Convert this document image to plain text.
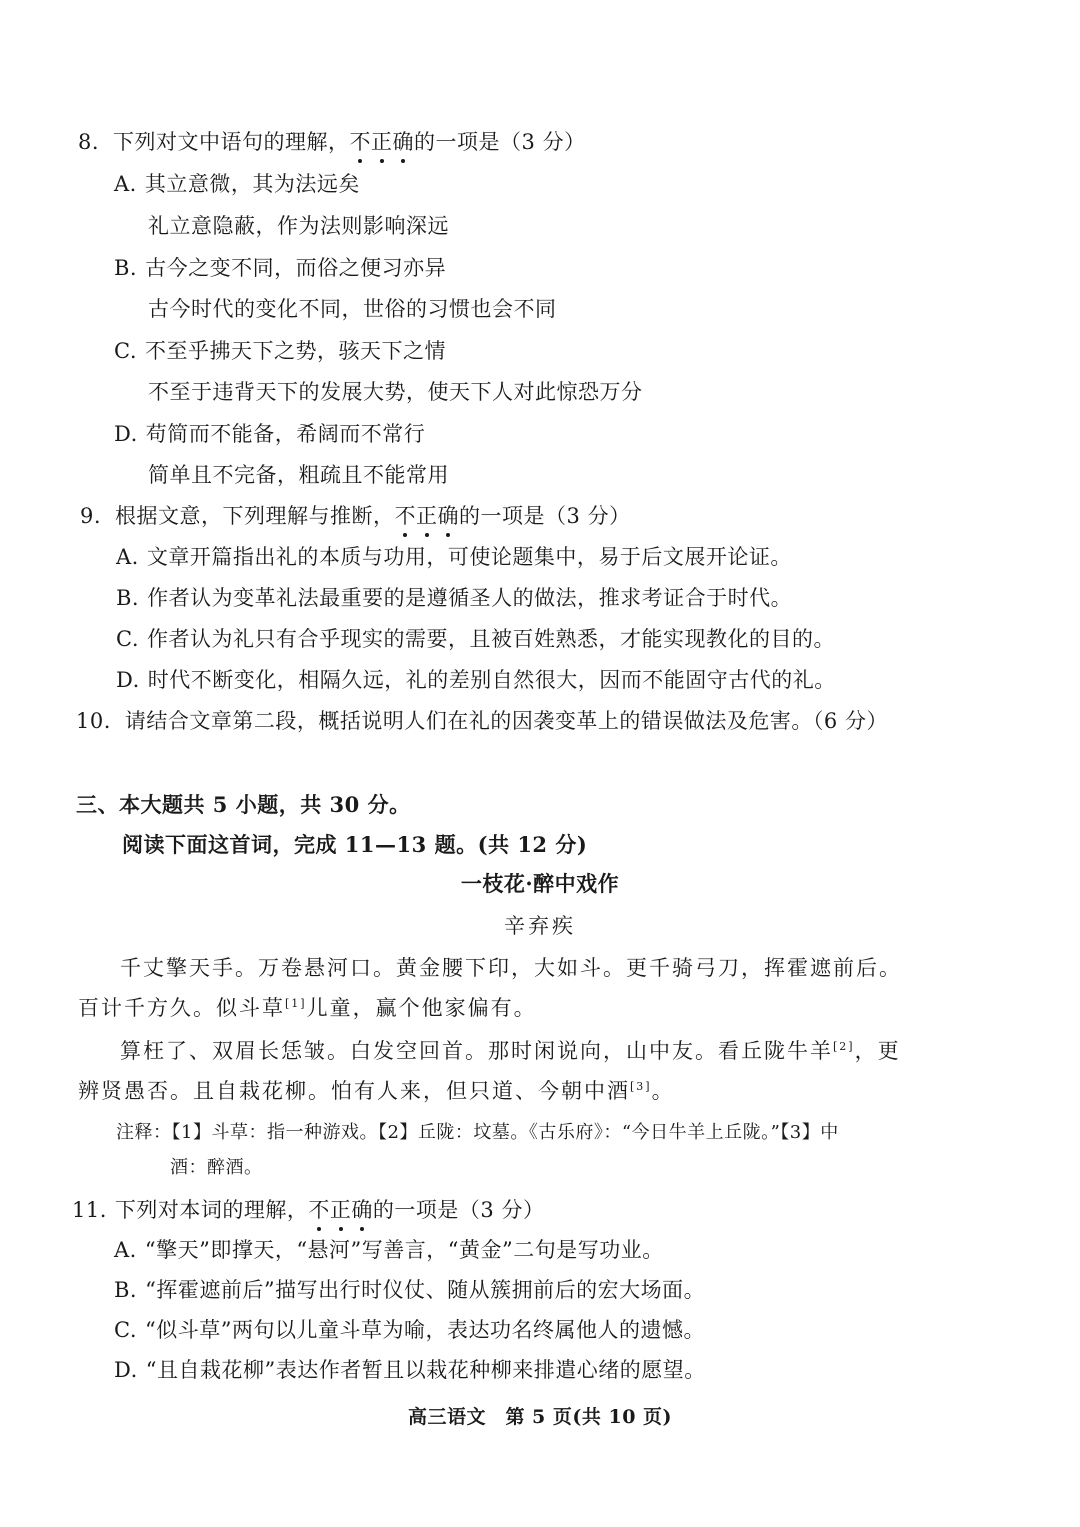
8. 下列对文中语句的理解，不正确的一项是（3 分）
A. 其立意微，其为法远矣
礼立意隐蔽，作为法则影响深远
B. 古今之变不同，而俗之便习亦异
古今时代的变化不同，世俗的习惯也会不同
C. 不至乎拂天下之势，骇天下之情
不至于违背天下的发展大势，使天下人对此惊恐万分
D. 苟简而不能备，希阔而不常行
简单且不完备，粗疏且不能常用
9. 根据文意，下列理解与推断，不正确的一项是（3 分）
A. 文章开篇指出礼的本质与功用，可使论题集中，易于后文展开论证。
B. 作者认为变革礼法最重要的是遵循圣人的做法，推求考证合于时代。
C. 作者认为礼只有合乎现实的需要，且被百姓熟悉，才能实现教化的目的。
D. 时代不断变化，相隔久远，礼的差别自然很大，因而不能固守古代的礼。
10. 请结合文章第二段，概括说明人们在礼的因袭变革上的错误做法及危害。（6 分）
三、本大题共 5 小题，共 30 分。
阅读下面这首词，完成 11—13 题。(共 12 分)
一枝花·醉中戏作
辛弃疾
千丈擎天手。万卷悬河口。黄金腰下印，大如斗。更千骑弓刀，挥霍遮前后。
百计千方久。似斗草[1]儿童，赢个他家偏有。
算枉了、双眉长恁皱。白发空回首。那时闲说向，山中友。看丘陇牛羊[2]，更
辨贤愚否。且自栽花柳。怕有人来，但只道、今朝中酒[3]。
注释：【1】斗草：指一种游戏。【2】丘陇：坟墓。《古乐府》：“今日牛羊上丘陇。”【3】中
酒：醉酒。
11. 下列对本词的理解，不正确的一项是（3 分）
A. “擎天”即撑天，“悬河”写善言，“黄金”二句是写功业。
B. “挥霍遮前后”描写出行时仪仗、随从簇拥前后的宏大场面。
C. “似斗草”两句以儿童斗草为喻，表达功名终属他人的遗憾。
D. “且自栽花柳”表达作者暂且以栽花种柳来排遣心绪的愿望。
高三语文　第 5 页(共 10 页)
